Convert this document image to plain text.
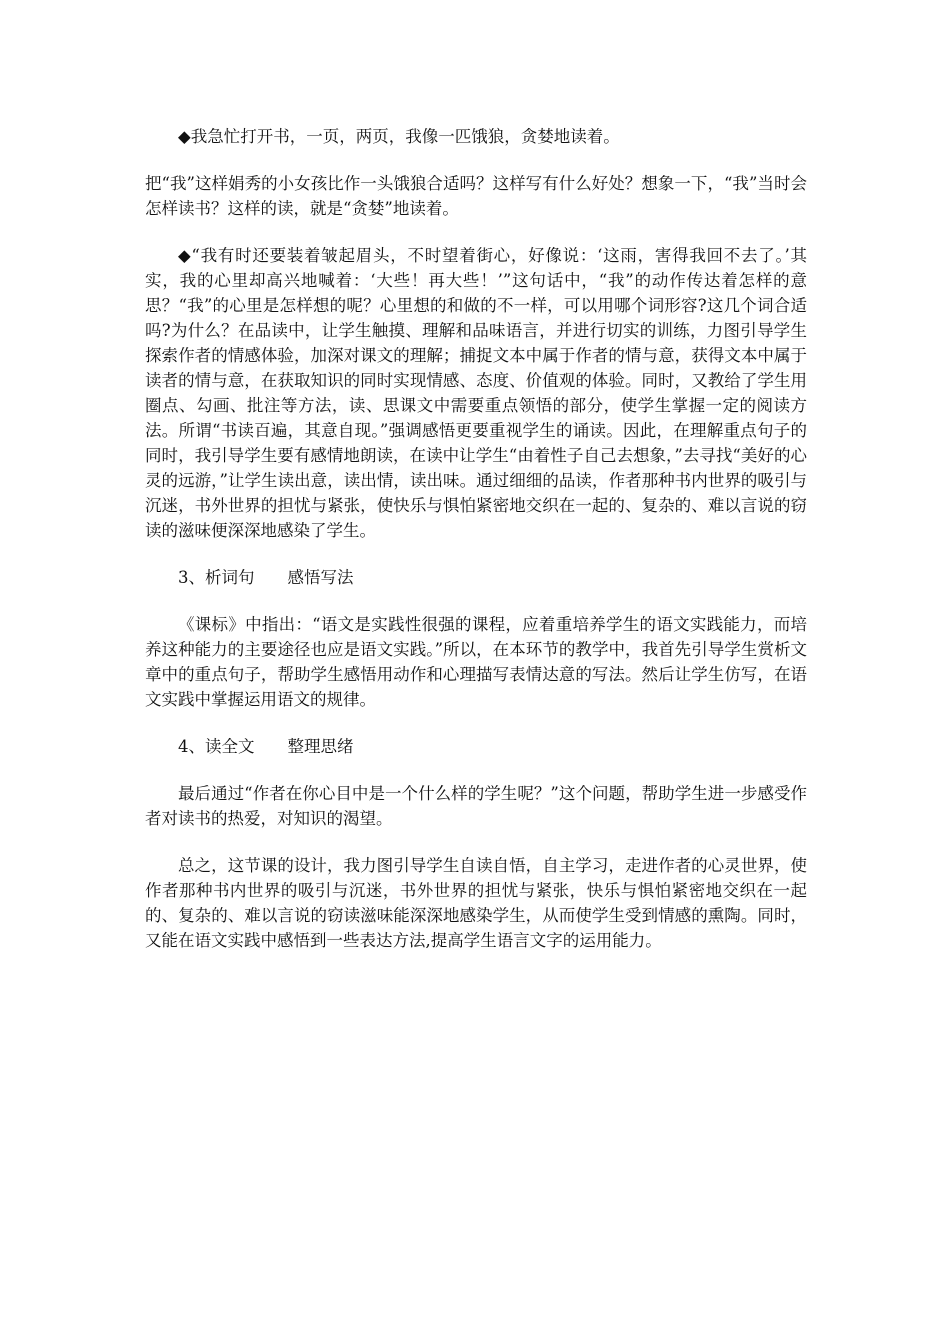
◆我急忙打开书，一页，两页，我像一匹饿狼，贪婪地读着。

把“我”这样娟秀的小女孩比作一头饿狼合适吗？这样写有什么好处？想象一下，“我”当时会怎样读书？这样的读，就是“贪婪”地读着。

◆“我有时还要装着皱起眉头，不时望着街心，好像说：‘这雨，害得我回不去了。’其实，我的心里却高兴地喊着：‘大些！再大些！’”这句话中，“我”的动作传达着怎样的意思？“我”的心里是怎样想的呢？心里想的和做的不一样，可以用哪个词形容?这几个词合适吗?为什么？在品读中，让学生触摸、理解和品味语言，并进行切实的训练，力图引导学生探索作者的情感体验，加深对课文的理解；捕捉文本中属于作者的情与意，获得文本中属于读者的情与意，在获取知识的同时实现情感、态度、价值观的体验。同时，又教给了学生用圈点、勾画、批注等方法，读、思课文中需要重点领悟的部分，使学生掌握一定的阅读方法。所谓“书读百遍，其意自现。”强调感悟更要重视学生的诵读。因此，在理解重点句子的同时，我引导学生要有感情地朗读，在读中让学生“由着性子自己去想象，”去寻找“美好的心灵的远游，”让学生读出意，读出情，读出味。通过细细的品读，作者那种书内世界的吸引与沉迷，书外世界的担忧与紧张，使快乐与惧怕紧密地交织在一起的、复杂的、难以言说的窃读的滋味便深深地感染了学生。

3、析词句 感悟写法

《课标》中指出：“语文是实践性很强的课程，应着重培养学生的语文实践能力，而培养这种能力的主要途径也应是语文实践。”所以，在本环节的教学中，我首先引导学生赏析文章中的重点句子，帮助学生感悟用动作和心理描写表情达意的写法。然后让学生仿写，在语文实践中掌握运用语文的规律。

4、读全文 整理思绪

最后通过“作者在你心目中是一个什么样的学生呢？”这个问题，帮助学生进一步感受作者对读书的热爱，对知识的渴望。

总之，这节课的设计，我力图引导学生自读自悟，自主学习，走进作者的心灵世界，使作者那种书内世界的吸引与沉迷，书外世界的担忧与紧张，快乐与惧怕紧密地交织在一起的、复杂的、难以言说的窃读滋味能深深地感染学生，从而使学生受到情感的熏陶。同时，又能在语文实践中感悟到一些表达方法,提高学生语言文字的运用能力。
